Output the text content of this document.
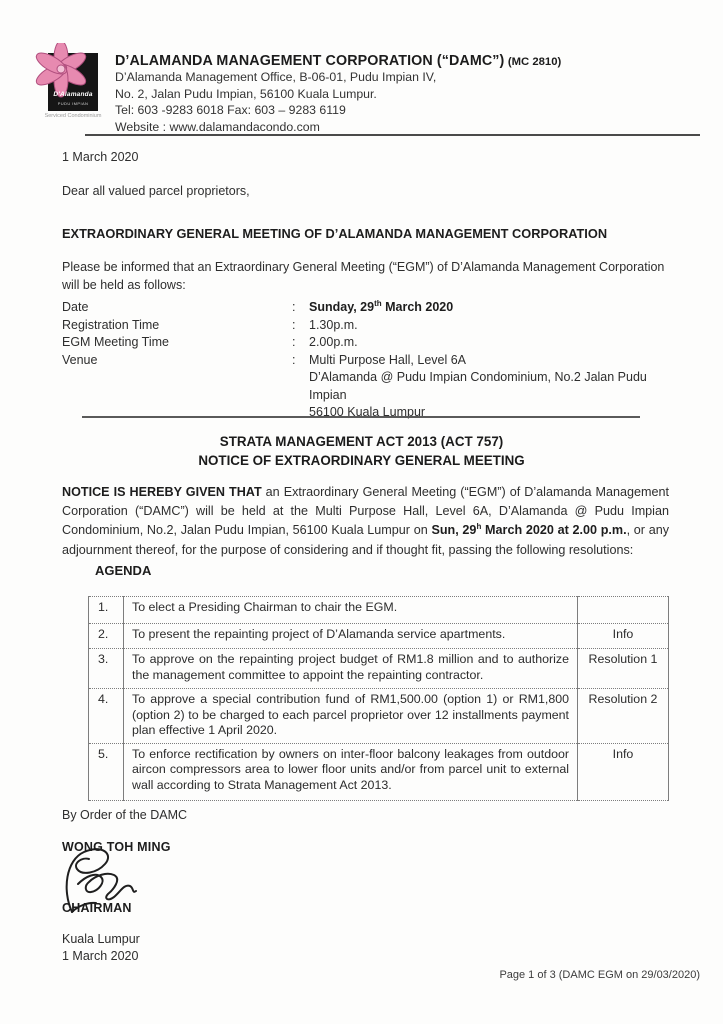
D'Alamanda
PUDU IMPIAN
Serviced Condominium
D’ALAMANDA MANAGEMENT CORPORATION (“DAMC”) (MC 2810)
D’Alamanda Management Office, B-06-01, Pudu Impian IV,
No. 2, Jalan Pudu Impian, 56100 Kuala Lumpur.
Tel: 603 -9283 6018 Fax: 603 – 9283 6119
Website : www.dalamandacondo.com
1 March 2020
Dear all valued parcel proprietors,
EXTRAORDINARY GENERAL MEETING OF D’ALAMANDA MANAGEMENT CORPORATION
Please be informed that an Extraordinary General Meeting (“EGM”) of D’Alamanda Management Corporation will be held as follows:
Date	:	Sunday, 29th March 2020
Registration Time	:	1.30p.m.
EGM Meeting Time	:	2.00p.m.
Venue	:	Multi Purpose Hall, Level 6A
D’Alamanda @ Pudu Impian Condominium, No.2 Jalan Pudu Impian
56100 Kuala Lumpur
STRATA MANAGEMENT ACT 2013 (ACT 757)
NOTICE OF EXTRAORDINARY GENERAL MEETING
NOTICE IS HEREBY GIVEN THAT an Extraordinary General Meeting (“EGM”) of D’alamanda Management Corporation (“DAMC”) will be held at the Multi Purpose Hall, Level 6A, D’Alamanda @ Pudu Impian Condominium, No.2, Jalan Pudu Impian, 56100 Kuala Lumpur on Sun, 29$^h$ March 2020 at 2.00 p.m., or any adjournment thereof, for the purpose of considering and if thought fit, passing the following resolutions:
AGENDA
1.	To elect a Presiding Chairman to chair the EGM.	
2.	To present the repainting project of D’Alamanda service apartments.	Info
3.	To approve on the repainting project budget of RM1.8 million and to authorize the management committee to appoint the repainting contractor.	Resolution 1
4.	To approve a special contribution fund of RM1,500.00 (option 1) or RM1,800 (option 2) to be charged to each parcel proprietor over 12 installments payment plan effective 1 April 2020.	Resolution 2
5.	To enforce rectification by owners on inter-floor balcony leakages from outdoor aircon compressors area to lower floor units and/or from parcel unit to external wall according to Strata Management Act 2013.	Info
By Order of the DAMC
WONG TOH MING
CHAIRMAN
Kuala Lumpur
1 March 2020
Page 1 of 3 (DAMC EGM on 29/03/2020)
